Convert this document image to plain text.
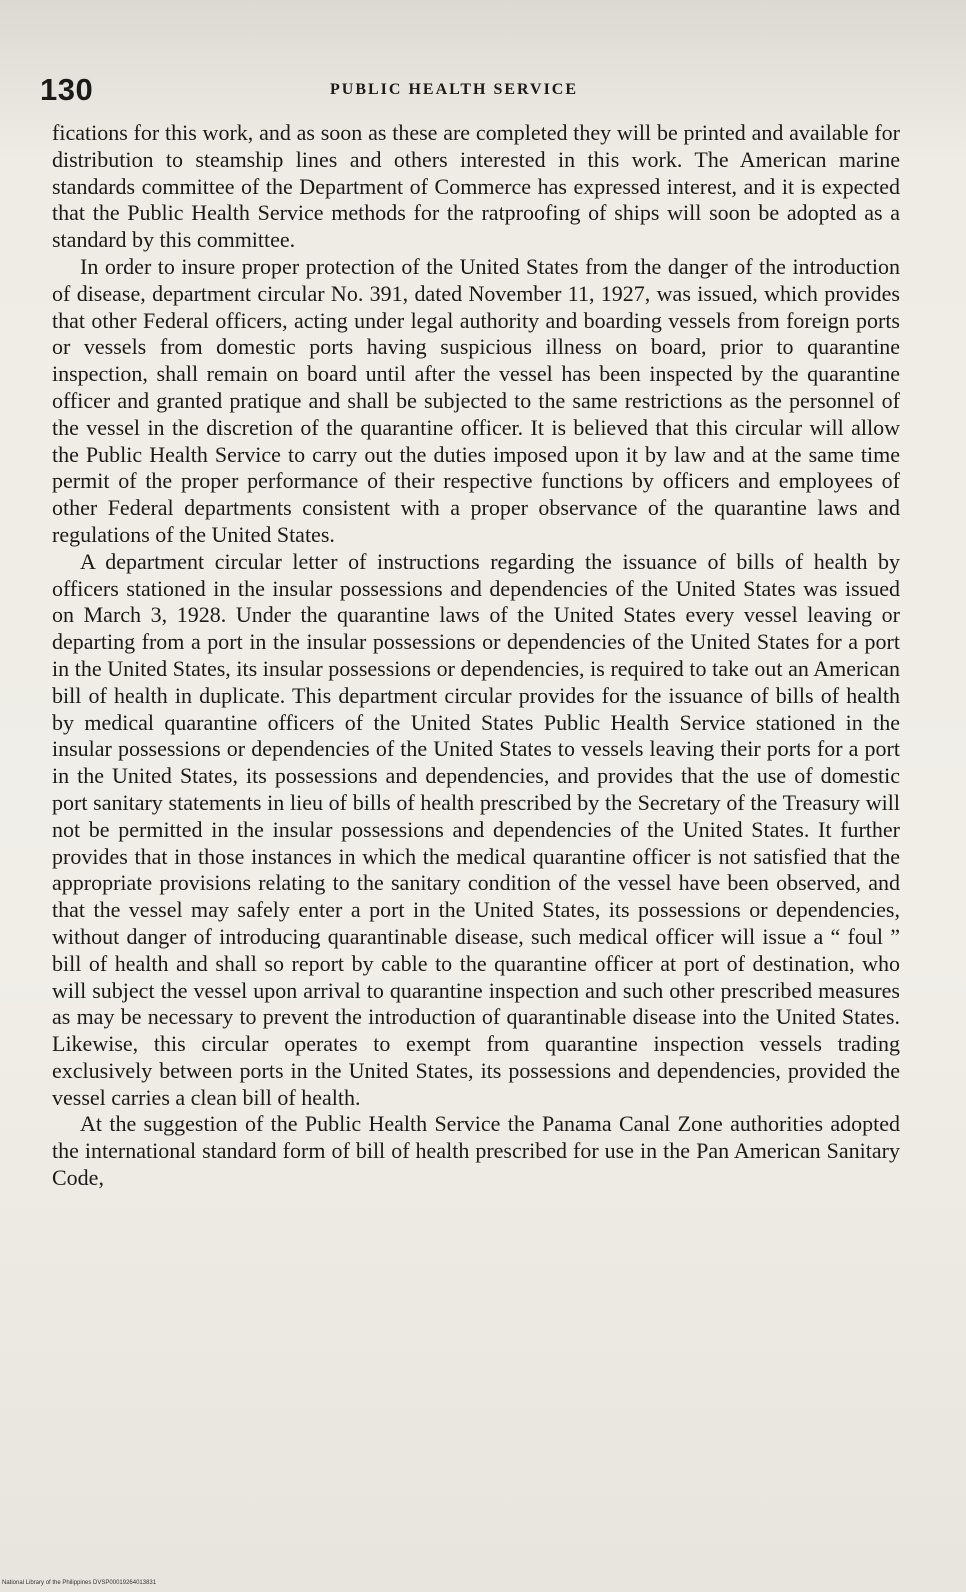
130	PUBLIC HEALTH SERVICE

fications for this work, and as soon as these are completed they will be printed and available for distribution to steamship lines and others interested in this work. The American marine standards committee of the Department of Commerce has expressed interest, and it is expected that the Public Health Service methods for the ratproofing of ships will soon be adopted as a standard by this committee.

In order to insure proper protection of the United States from the danger of the introduction of disease, department circular No. 391, dated November 11, 1927, was issued, which provides that other Federal officers, acting under legal authority and boarding vessels from foreign ports or vessels from domestic ports having suspicious illness on board, prior to quarantine inspection, shall remain on board until after the vessel has been inspected by the quarantine officer and granted pratique and shall be subjected to the same restrictions as the personnel of the vessel in the discretion of the quarantine officer. It is believed that this circular will allow the Public Health Service to carry out the duties imposed upon it by law and at the same time permit of the proper performance of their respective functions by officers and employees of other Federal departments consistent with a proper observance of the quarantine laws and regulations of the United States.

A department circular letter of instructions regarding the issuance of bills of health by officers stationed in the insular possessions and dependencies of the United States was issued on March 3, 1928. Under the quarantine laws of the United States every vessel leaving or departing from a port in the insular possessions or dependencies of the United States for a port in the United States, its insular possessions or dependencies, is required to take out an American bill of health in duplicate. This department circular provides for the issuance of bills of health by medical quarantine officers of the United States Public Health Service stationed in the insular possessions or dependencies of the United States to vessels leaving their ports for a port in the United States, its possessions and dependencies, and provides that the use of domestic port sanitary statements in lieu of bills of health prescribed by the Secretary of the Treasury will not be permitted in the insular possessions and dependencies of the United States. It further provides that in those instances in which the medical quarantine officer is not satisfied that the appropriate provisions relating to the sanitary condition of the vessel have been observed, and that the vessel may safely enter a port in the United States, its possessions or dependencies, without danger of introducing quarantinable disease, such medical officer will issue a “ foul ” bill of health and shall so report by cable to the quarantine officer at port of destination, who will subject the vessel upon arrival to quarantine inspection and such other prescribed measures as may be necessary to prevent the introduction of quarantinable disease into the United States. Likewise, this circular operates to exempt from quarantine inspection vessels trading exclusively between ports in the United States, its possessions and dependencies, provided the vessel carries a clean bill of health.

At the suggestion of the Public Health Service the Panama Canal Zone authorities adopted the international standard form of bill of health prescribed for use in the Pan American Sanitary Code,

National Library of the Philippines DVSP00019264013831
